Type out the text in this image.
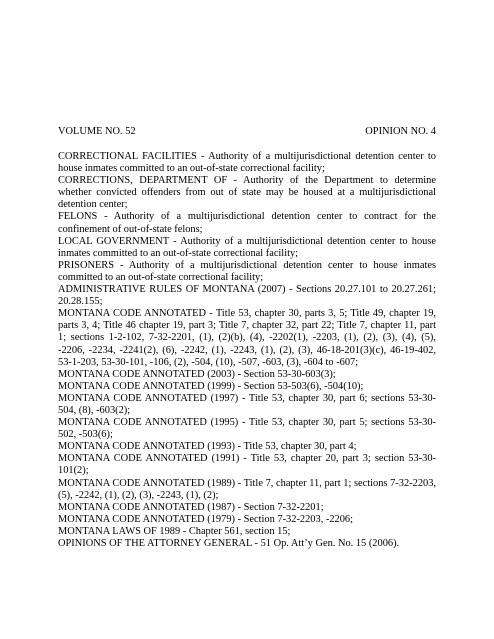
VOLUME NO. 52	OPINION NO. 4

CORRECTIONAL FACILITIES - Authority of a multijurisdictional detention center to house inmates committed to an out-of-state correctional facility;

CORRECTIONS, DEPARTMENT OF - Authority of the Department to determine whether convicted offenders from out of state may be housed at a multijurisdictional detention center;

FELONS - Authority of a multijurisdictional detention center to contract for the confinement of out-of-state felons;

LOCAL GOVERNMENT - Authority of a multijurisdictional detention center to house inmates committed to an out-of-state correctional facility;

PRISONERS - Authority of a multijurisdictional detention center to house inmates committed to an out-of-state correctional facility;

ADMINISTRATIVE RULES OF MONTANA (2007) - Sections 20.27.101 to 20.27.261; 20.28.155;

MONTANA CODE ANNOTATED - Title 53, chapter 30, parts 3, 5; Title 49, chapter 19, parts 3, 4; Title 46 chapter 19, part 3; Title 7, chapter 32, part 22; Title 7, chapter 11, part 1; sections 1-2-102, 7-32-2201, (1), (2)(b), (4), -2202(1), -2203, (1), (2), (3), (4), (5), -2206, -2234, -2241(2), (6), -2242, (1), -2243, (1), (2), (3), 46-18-201(3)(c), 46-19-402, 53-1-203, 53-30-101, -106, (2), -504, (10), -507, -603, (3), -604 to -607;

MONTANA CODE ANNOTATED (2003) - Section 53-30-603(3);

MONTANA CODE ANNOTATED (1999) - Section 53-503(6), -504(10);

MONTANA CODE ANNOTATED (1997) - Title 53, chapter 30, part 6; sections 53-30-504, (8), -603(2);

MONTANA CODE ANNOTATED (1995) - Title 53, chapter 30, part 5; sections 53-30-502, -503(6);

MONTANA CODE ANNOTATED (1993) - Title 53, chapter 30, part 4;

MONTANA CODE ANNOTATED (1991) - Title 53, chapter 20, part 3; section 53-30-101(2);

MONTANA CODE ANNOTATED (1989) - Title 7, chapter 11, part 1; sections 7-32-2203, (5), -2242, (1), (2), (3), -2243, (1), (2);

MONTANA CODE ANNOTATED (1987) - Section 7-32-2201;

MONTANA CODE ANNOTATED (1979) - Section 7-32-2203, -2206;

MONTANA LAWS OF 1989 - Chapter 561, section 15;

OPINIONS OF THE ATTORNEY GENERAL - 51 Op. Att’y Gen. No. 15 (2006).
